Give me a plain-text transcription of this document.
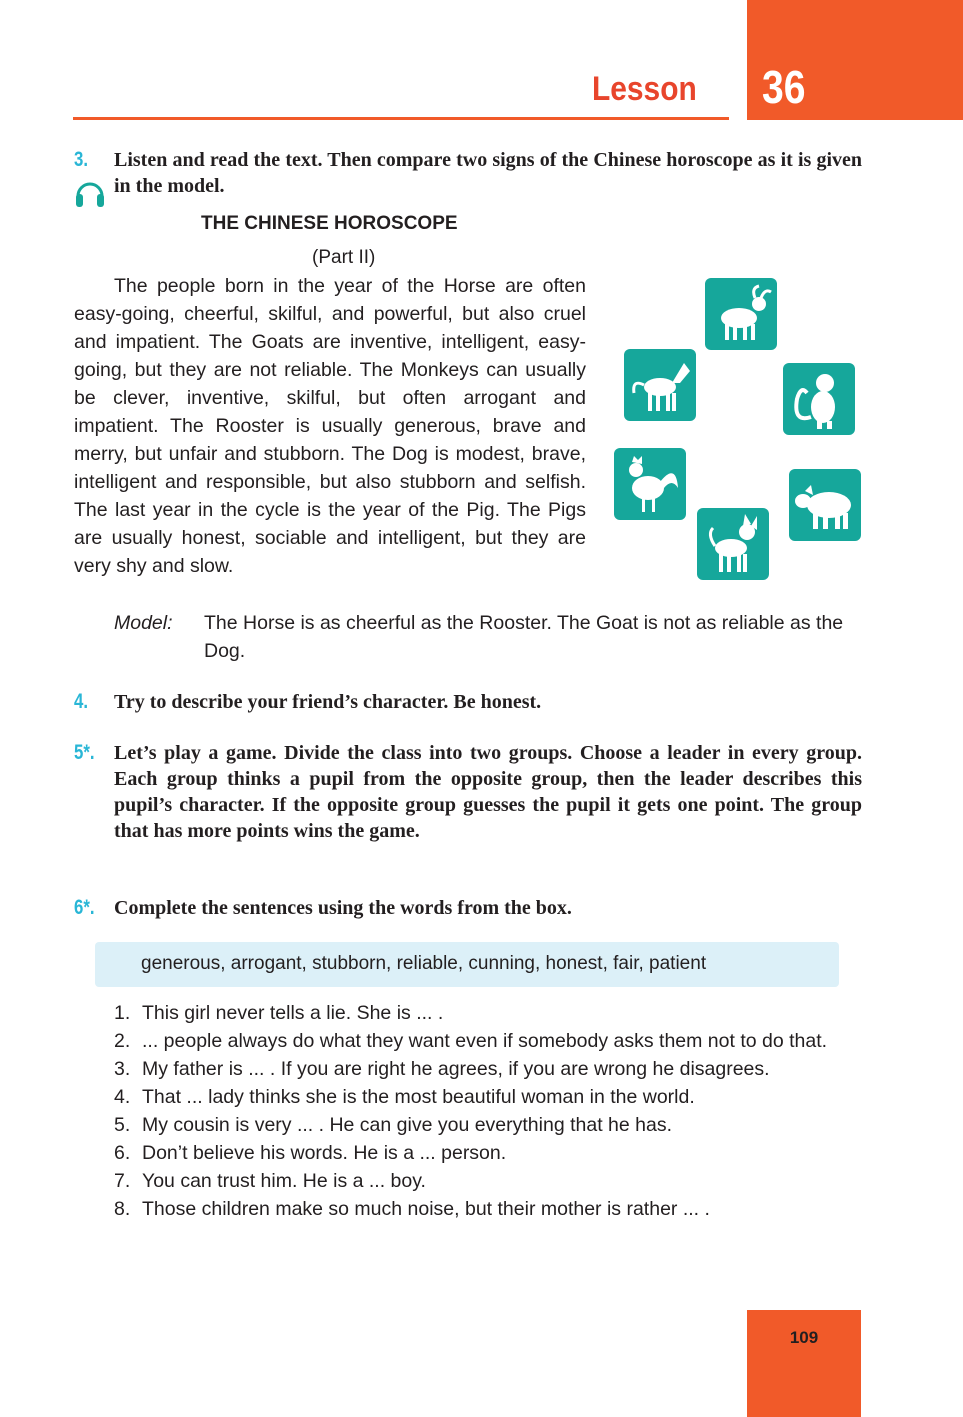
36
Lesson
3. Listen and read the text. Then compare two signs of the Chinese horoscope as it is given in the model.
THE CHINESE HOROSCOPE
(Part II)

The people born in the year of the Horse are often easy-going, cheerful, skilful, and powerful, but also cruel and impatient. The Goats are inventive, intelligent, easy-going, but they are not reliable. The Monkeys can usually be clever, inventive, skilful, but often arrogant and impatient. The Rooster is usually generous, brave and merry, but unfair and stubborn. The Dog is modest, brave, intelligent and responsible, but also stubborn and selfish. The last year in the cycle is the year of the Pig. The Pigs are usually honest, sociable and intelligent, but they are very shy and slow.

Model: The Horse is as cheerful as the Rooster. The Goat is not as reliable as the Dog.

4. Try to describe your friend’s character. Be honest.
5*. Let’s play a game. Divide the class into two groups. Choose a leader in every group. Each group thinks a pupil from the opposite group, then the leader describes this pupil’s character. If the opposite group guesses the pupil it gets one point. The group that has more points wins the game.
6*. Complete the sentences using the words from the box.
generous, arrogant, stubborn, reliable, cunning, honest, fair, patient
1. This girl never tells a lie. She is ... .
2. ... people always do what they want even if somebody asks them not to do that.
3. My father is ... . If you are right he agrees, if you are wrong he disagrees.
4. That ... lady thinks she is the most beautiful woman in the world.
5. My cousin is very ... . He can give you everything that he has.
6. Don’t believe his words. He is a ... person.
7. You can trust him. He is a ... boy.
8. Those children make so much noise, but their mother is rather ... .
109
